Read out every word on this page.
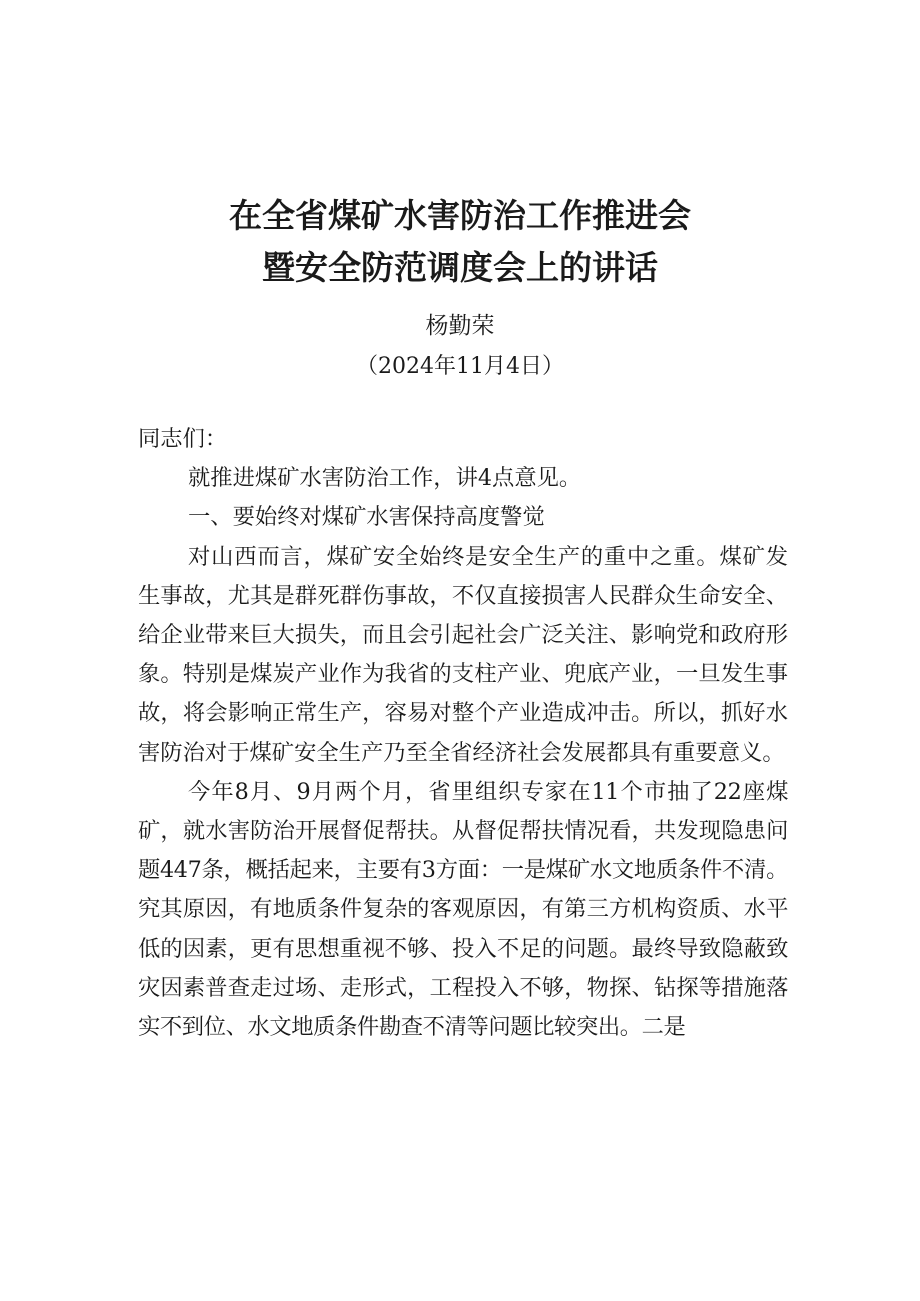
在全省煤矿水害防治工作推进会
暨安全防范调度会上的讲话
杨勤荣
（2024年11月4日）

同志们：

就推进煤矿水害防治工作，讲4点意见。

一、要始终对煤矿水害保持高度警觉

对山西而言，煤矿安全始终是安全生产的重中之重。煤矿发生事故，尤其是群死群伤事故，不仅直接损害人民群众生命安全、给企业带来巨大损失，而且会引起社会广泛关注、影响党和政府形象。特别是煤炭产业作为我省的支柱产业、兜底产业，一旦发生事故，将会影响正常生产，容易对整个产业造成冲击。所以，抓好水害防治对于煤矿安全生产乃至全省经济社会发展都具有重要意义。

今年8月、9月两个月，省里组织专家在11个市抽了22座煤矿，就水害防治开展督促帮扶。从督促帮扶情况看，共发现隐患问题447条，概括起来，主要有3方面：一是煤矿水文地质条件不清。究其原因，有地质条件复杂的客观原因，有第三方机构资质、水平低的因素，更有思想重视不够、投入不足的问题。最终导致隐蔽致灾因素普查走过场、走形式，工程投入不够，物探、钻探等措施落实不到位、水文地质条件勘查不清等问题比较突出。二是
